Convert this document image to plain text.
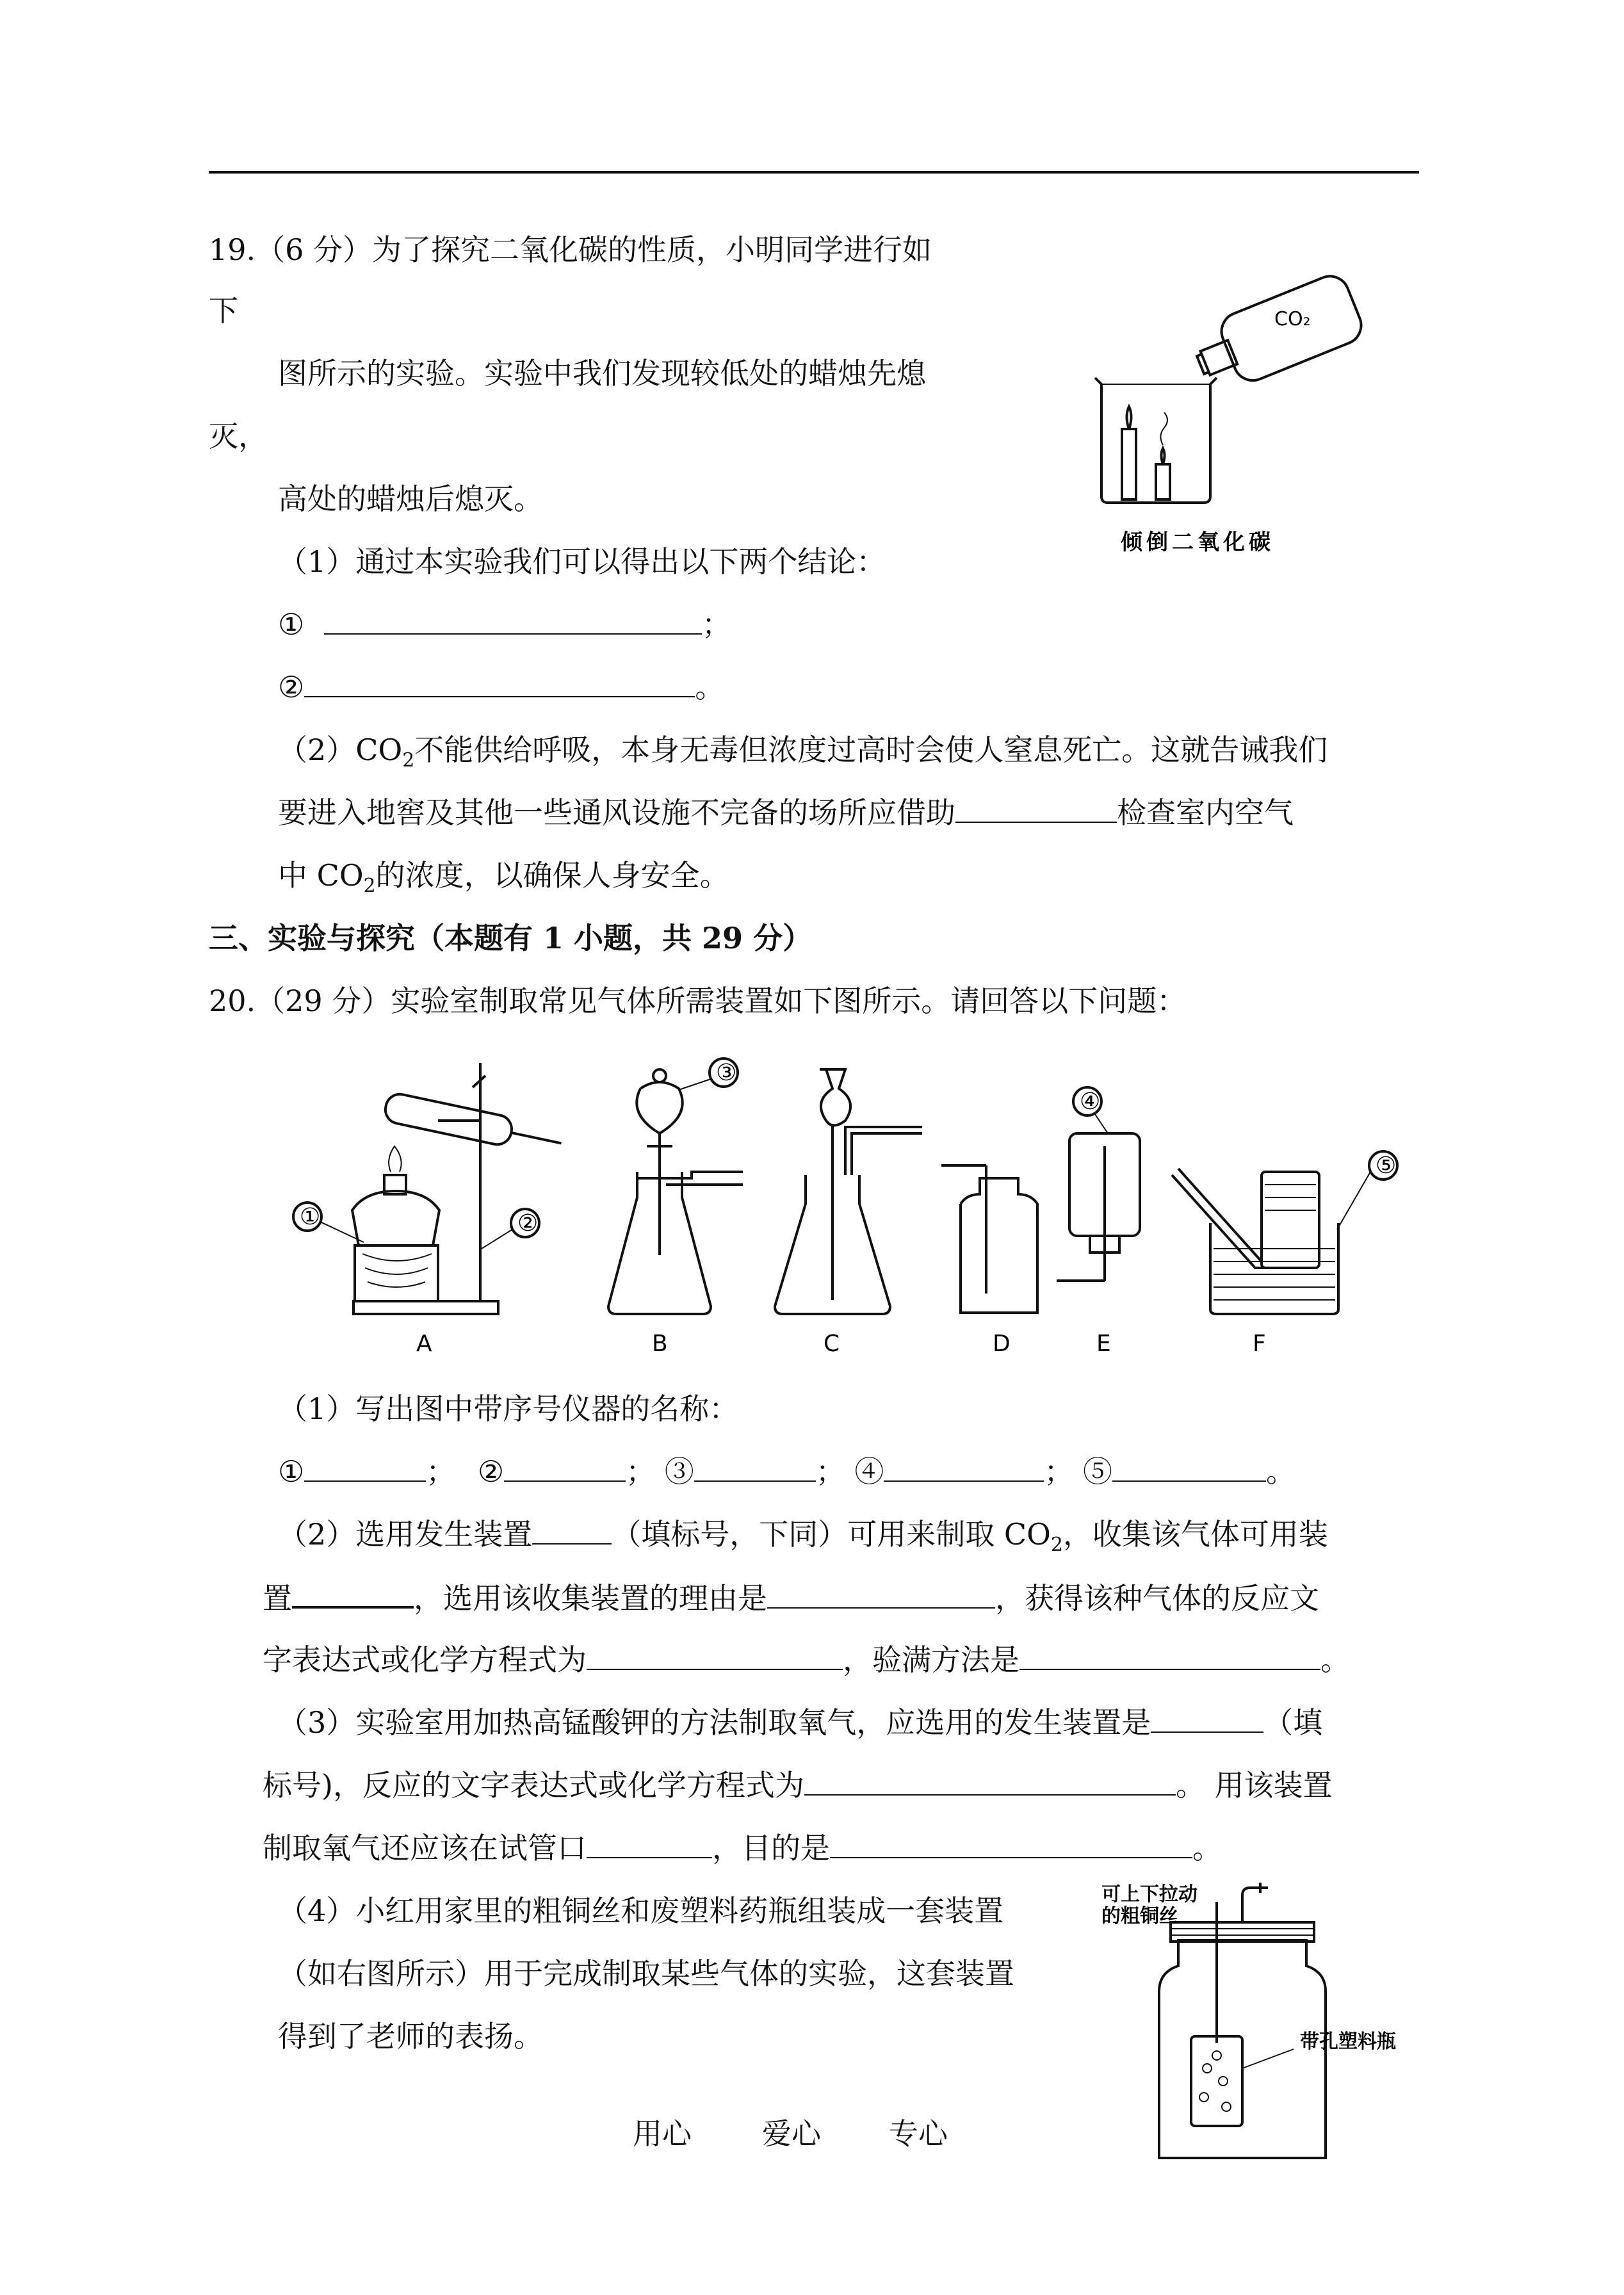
19.（6 分）为了探究二氧化碳的性质，小明同学进行如
下
图所示的实验。实验中我们发现较低处的蜡烛先熄
灭，
高处的蜡烛后熄灭。
（1）通过本实验我们可以得出以下两个结论：
①	；
②	。
$(2)CO_2$不能供给呼吸，本身无毒但浓度过高时会使人窒息死亡。这就告诫我们
要进入地窖及其他一些通风设施不完备的场所应借助	检查室内空气
中 $CO_2$的浓度，以确保人身安全。
CO₂
倾倒二氧化碳
三、实验与探究（本题有 1 小题，共 29 分）
20.（29 分）实验室制取常见气体所需装置如下图所示。请回答以下问题：
①	②
③
④
⑤
A	B	C	D	E	F
（1）写出图中带序号仪器的名称：
①	； ②	； ③	； ④	； ⑤	。
（2）选用发生装置	（填标号，下同）可用来制取 $CO_2$，收集该气体可用装
置	，选用该收集装置的理由是	，获得该种气体的反应文
字表达式或化学方程式为	，验满方法是	。
（3）实验室用加热高锰酸钾的方法制取氧气，应选用的发生装置是	（填
标号)，反应的文字表达式或化学方程式为	。 用该装置
制取氧气还应该在试管口	，目的是	。
（4）小红用家里的粗铜丝和废塑料药瓶组装成一套装置
（如右图所示）用于完成制取某些气体的实验，这套装置
得到了老师的表扬。
可上下拉动
的粗铜丝
带孔塑料瓶
用心 爱心 专心
